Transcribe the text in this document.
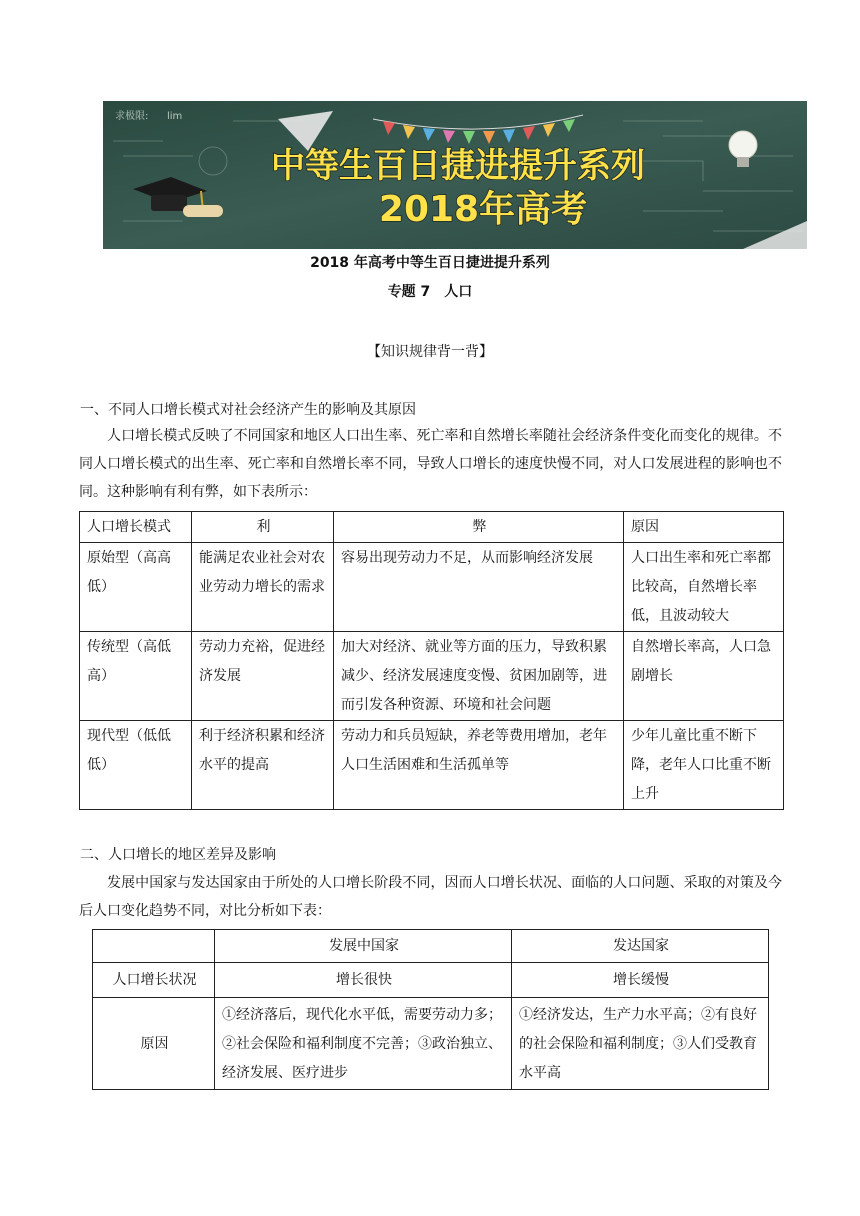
求极限: lim
中等生百日捷进提升系列
2018年高考
2018 年高考中等生百日捷进提升系列
专题 7　人口
【知识规律背一背】
一、不同人口增长模式对社会经济产生的影响及其原因
人口增长模式反映了不同国家和地区人口出生率、死亡率和自然增长率随社会经济条件变化而变化的规律。不同人口增长模式的出生率、死亡率和自然增长率不同，导致人口增长的速度快慢不同，对人口发展进程的影响也不同。这种影响有利有弊，如下表所示：
人口增长模式	利	弊	原因
原始型（高高低）	能满足农业社会对农业劳动力增长的需求	容易出现劳动力不足，从而影响经济发展	人口出生率和死亡率都比较高，自然增长率低，且波动较大
传统型（高低高）	劳动力充裕，促进经济发展	加大对经济、就业等方面的压力，导致积累减少、经济发展速度变慢、贫困加剧等，进而引发各种资源、环境和社会问题	自然增长率高，人口急剧增长
现代型（低低低）	利于经济积累和经济水平的提高	劳动力和兵员短缺，养老等费用增加，老年人口生活困难和生活孤单等	少年儿童比重不断下降，老年人口比重不断上升
二、人口增长的地区差异及影响
发展中国家与发达国家由于所处的人口增长阶段不同，因而人口增长状况、面临的人口问题、采取的对策及今后人口变化趋势不同，对比分析如下表：
	发展中国家	发达国家
人口增长状况	增长很快	增长缓慢
原因	①经济落后，现代化水平低，需要劳动力多；②社会保险和福利制度不完善；③政治独立、经济发展、医疗进步	①经济发达，生产力水平高；②有良好的社会保险和福利制度；③人们受教育水平高
